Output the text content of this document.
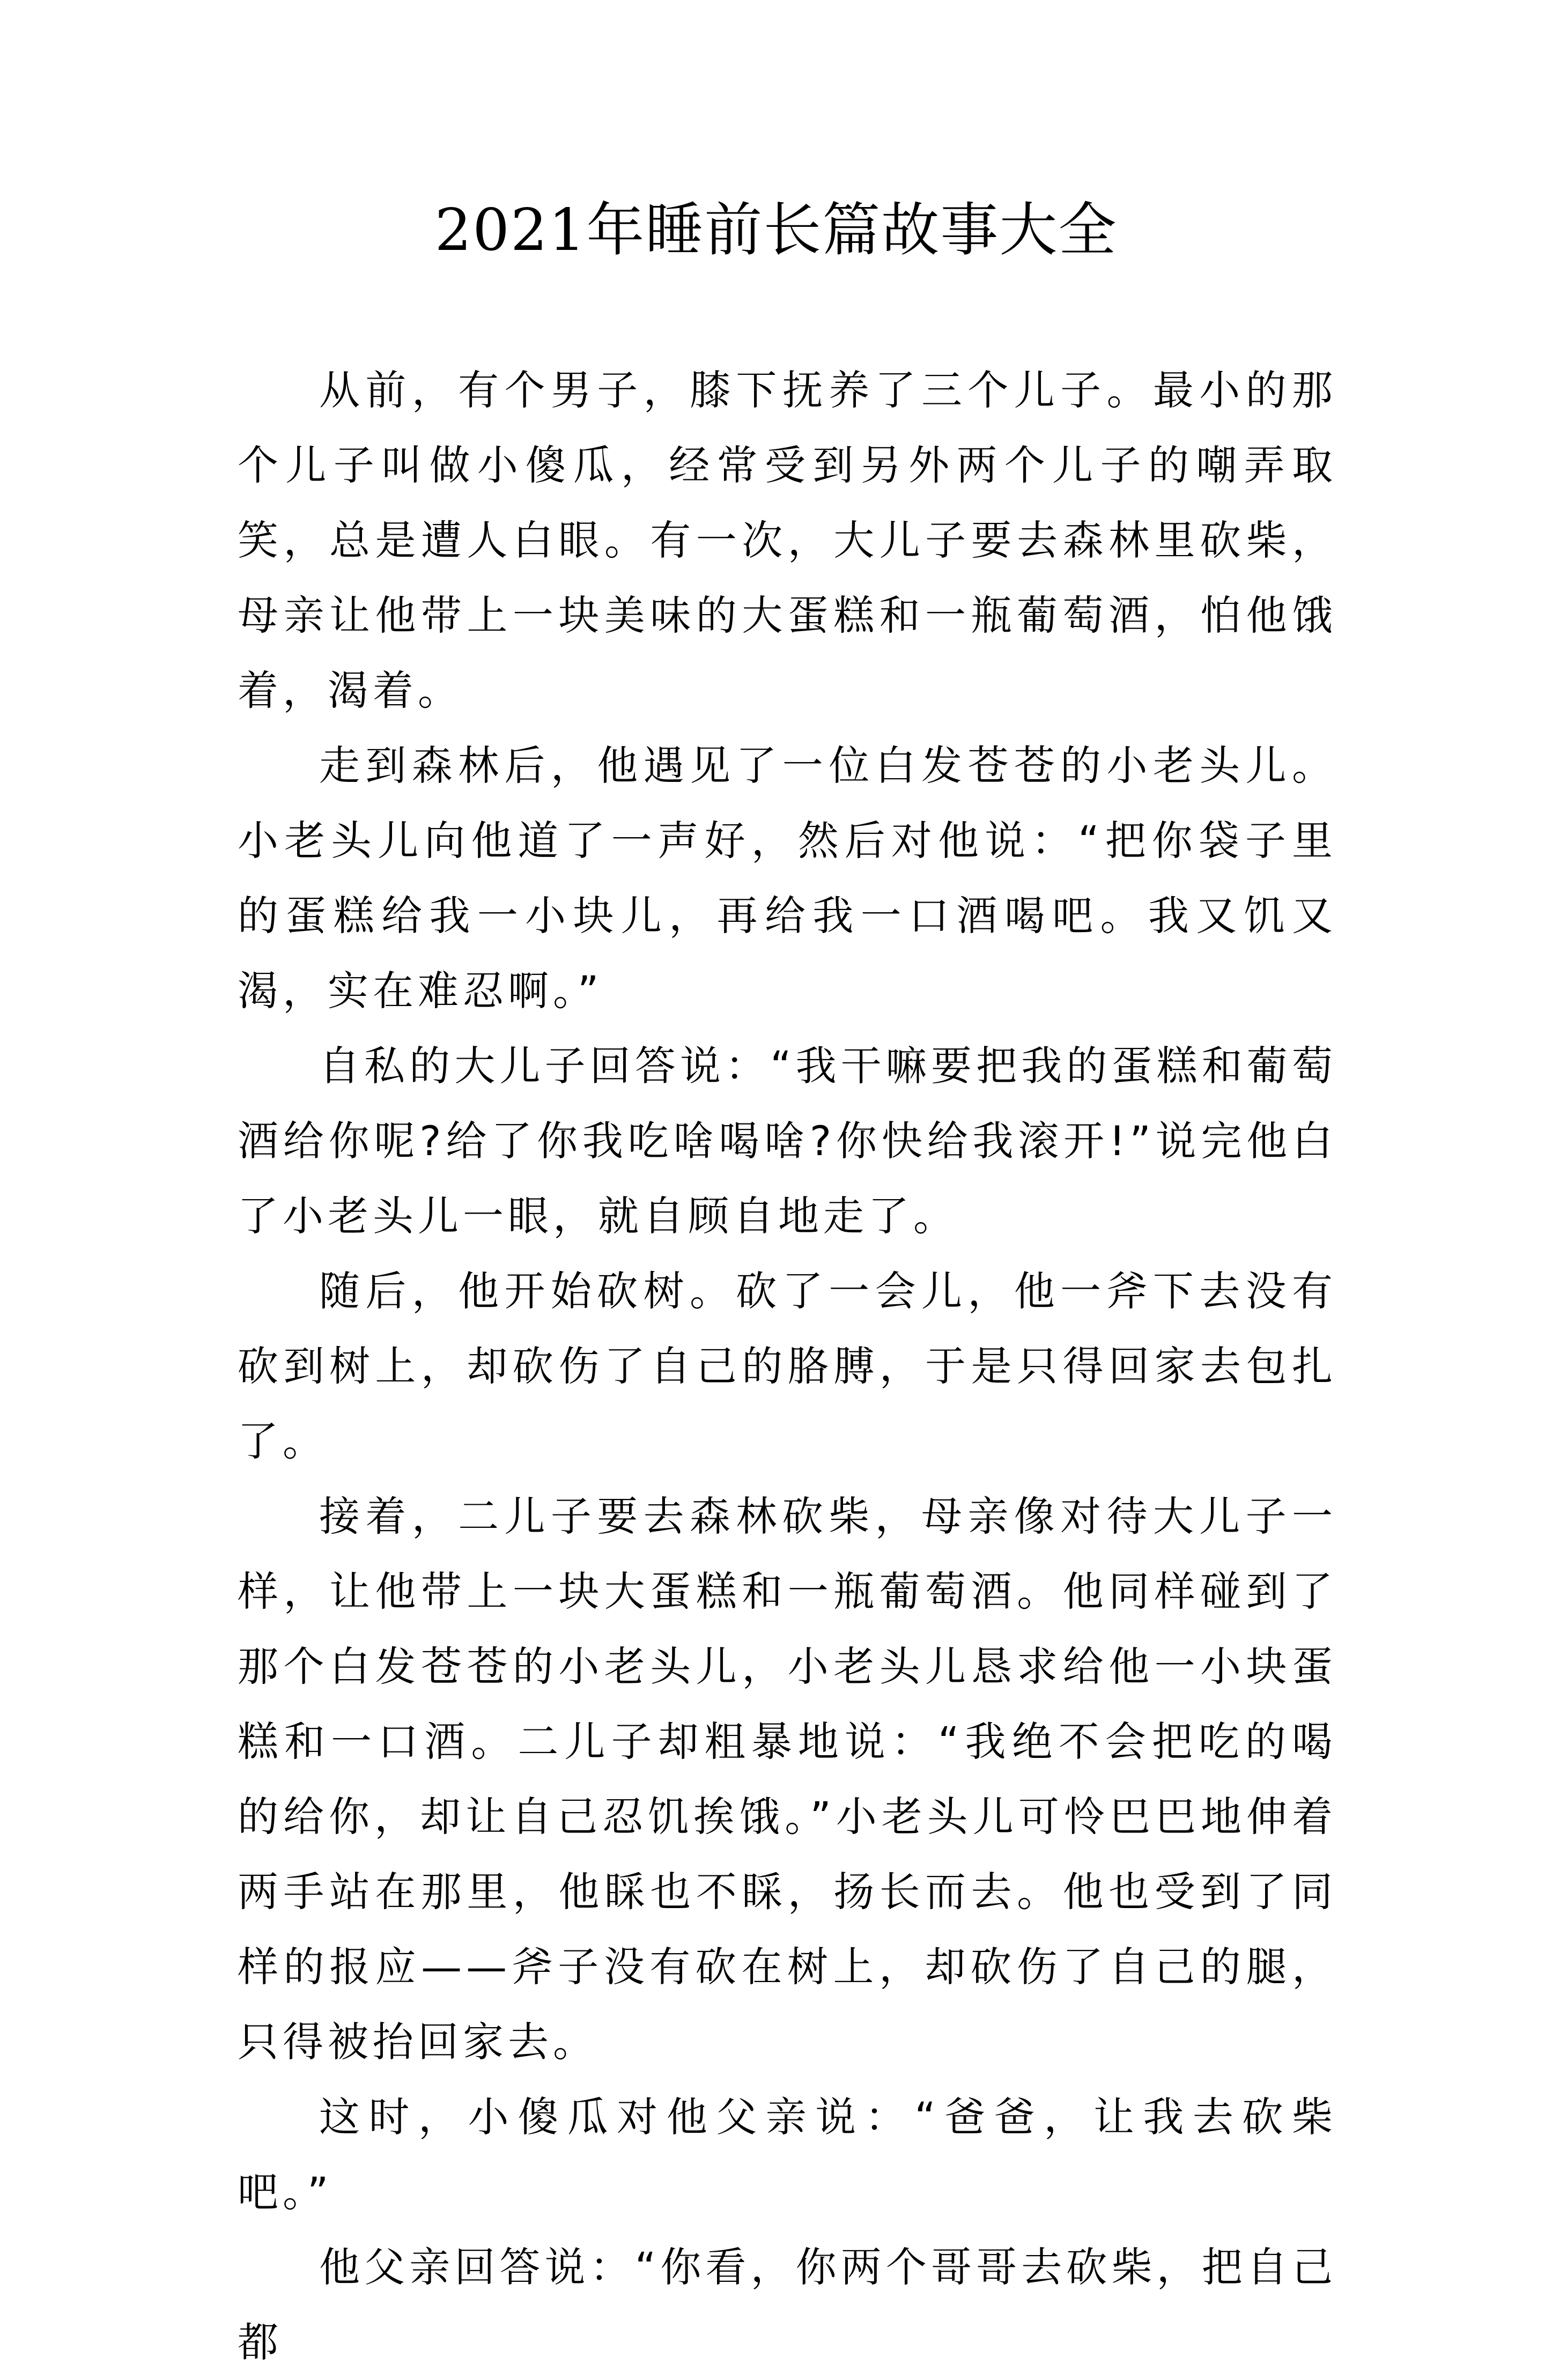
2021年睡前长篇故事大全

从前，有个男子，膝下抚养了三个儿子。最小的那个儿子叫做小傻瓜，经常受到另外两个儿子的嘲弄取笑，总是遭人白眼。有一次，大儿子要去森林里砍柴，母亲让他带上一块美味的大蛋糕和一瓶葡萄酒，怕他饿着，渴着。

走到森林后，他遇见了一位白发苍苍的小老头儿。小老头儿向他道了一声好，然后对他说：“把你袋子里的蛋糕给我一小块儿，再给我一口酒喝吧。我又饥又渴，实在难忍啊。”

自私的大儿子回答说：“我干嘛要把我的蛋糕和葡萄酒给你呢?给了你我吃啥喝啥?你快给我滚开!”说完他白了小老头儿一眼，就自顾自地走了。

随后，他开始砍树。砍了一会儿，他一斧下去没有砍到树上，却砍伤了自己的胳膊，于是只得回家去包扎了。

接着，二儿子要去森林砍柴，母亲像对待大儿子一样，让他带上一块大蛋糕和一瓶葡萄酒。他同样碰到了那个白发苍苍的小老头儿，小老头儿恳求给他一小块蛋糕和一口酒。二儿子却粗暴地说：“我绝不会把吃的喝的给你，却让自己忍饥挨饿。”小老头儿可怜巴巴地伸着两手站在那里，他睬也不睬，扬长而去。他也受到了同样的报应——斧子没有砍在树上，却砍伤了自己的腿，只得被抬回家去。

这时，小傻瓜对他父亲说：“爸爸，让我去砍柴吧。”

他父亲回答说：“你看，你两个哥哥去砍柴，把自己都
